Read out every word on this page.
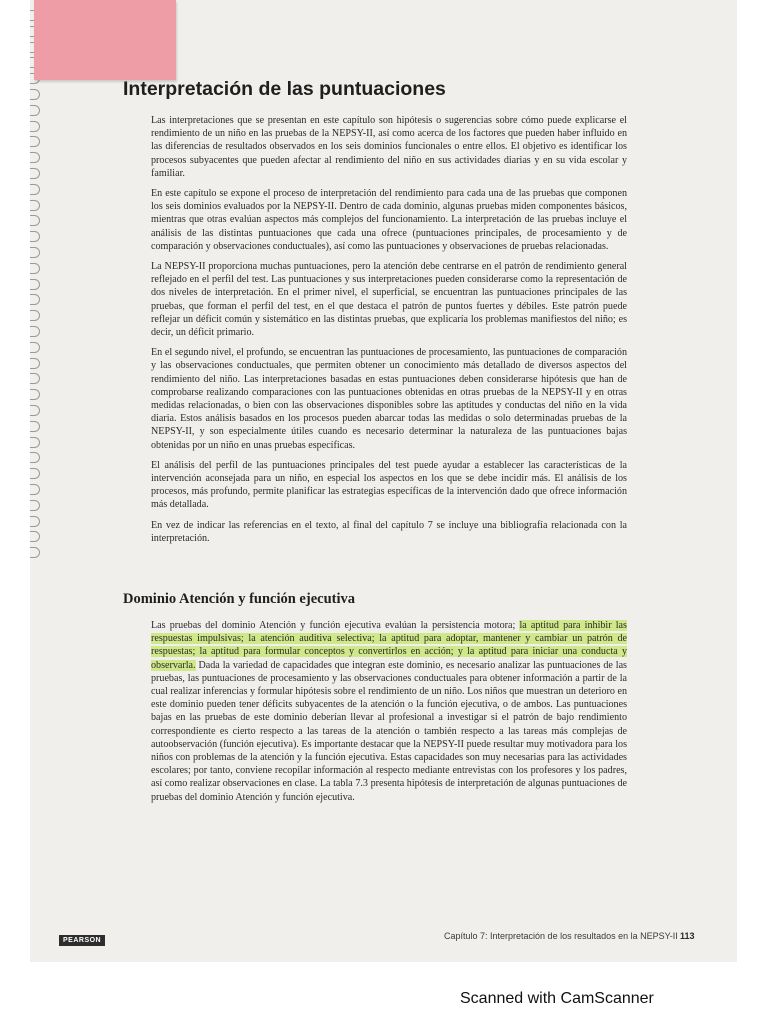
Interpretación de las puntuaciones

Las interpretaciones que se presentan en este capítulo son hipótesis o sugerencias sobre cómo puede explicarse el rendimiento de un niño en las pruebas de la NEPSY-II, así como acerca de los factores que pueden haber influido en las diferencias de resultados observados en los seis dominios funcionales o entre ellos. El objetivo es identificar los procesos subyacentes que pueden afectar al rendimiento del niño en sus actividades diarias y en su vida escolar y familiar.

En este capítulo se expone el proceso de interpretación del rendimiento para cada una de las pruebas que componen los seis dominios evaluados por la NEPSY-II. Dentro de cada dominio, algunas pruebas miden componentes básicos, mientras que otras evalúan aspectos más complejos del funcionamiento. La interpretación de las pruebas incluye el análisis de las distintas puntuaciones que cada una ofrece (puntuaciones principales, de procesamiento y de comparación y observaciones conductuales), así como las puntuaciones y observaciones de pruebas relacionadas.

La NEPSY-II proporciona muchas puntuaciones, pero la atención debe centrarse en el patrón de rendimiento general reflejado en el perfil del test. Las puntuaciones y sus interpretaciones pueden considerarse como la representación de dos niveles de interpretación. En el primer nivel, el superficial, se encuentran las puntuaciones principales de las pruebas, que forman el perfil del test, en el que destaca el patrón de puntos fuertes y débiles. Este patrón puede reflejar un déficit común y sistemático en las distintas pruebas, que explicaría los problemas manifiestos del niño; es decir, un déficit primario.

En el segundo nivel, el profundo, se encuentran las puntuaciones de procesamiento, las puntuaciones de comparación y las observaciones conductuales, que permiten obtener un conocimiento más detallado de diversos aspectos del rendimiento del niño. Las interpretaciones basadas en estas puntuaciones deben considerarse hipótesis que han de comprobarse realizando comparaciones con las puntuaciones obtenidas en otras pruebas de la NEPSY-II y en otras medidas relacionadas, o bien con las observaciones disponibles sobre las aptitudes y conductas del niño en la vida diaria. Estos análisis basados en los procesos pueden abarcar todas las medidas o solo determinadas pruebas de la NEPSY-II, y son especialmente útiles cuando es necesario determinar la naturaleza de las puntuaciones bajas obtenidas por un niño en unas pruebas específicas.

El análisis del perfil de las puntuaciones principales del test puede ayudar a establecer las características de la intervención aconsejada para un niño, en especial los aspectos en los que se debe incidir más. El análisis de los procesos, más profundo, permite planificar las estrategias específicas de la intervención dado que ofrece información más detallada.

En vez de indicar las referencias en el texto, al final del capítulo 7 se incluye una bibliografía relacionada con la interpretación.

Dominio Atención y función ejecutiva

Las pruebas del dominio Atención y función ejecutiva evalúan la persistencia motora; la aptitud para inhibir las respuestas impulsivas; la atención auditiva selectiva; la aptitud para adoptar, mantener y cambiar un patrón de respuestas; la aptitud para formular conceptos y convertirlos en acción; y la aptitud para iniciar una conducta y observarla. Dada la variedad de capacidades que integran este dominio, es necesario analizar las puntuaciones de las pruebas, las puntuaciones de procesamiento y las observaciones conductuales para obtener información a partir de la cual realizar inferencias y formular hipótesis sobre el rendimiento de un niño. Los niños que muestran un deterioro en este dominio pueden tener déficits subyacentes de la atención o la función ejecutiva, o de ambos. Las puntuaciones bajas en las pruebas de este dominio deberían llevar al profesional a investigar si el patrón de bajo rendimiento correspondiente es cierto respecto a las tareas de la atención o también respecto a las tareas más complejas de autoobservación (función ejecutiva). Es importante destacar que la NEPSY-II puede resultar muy motivadora para los niños con problemas de la atención y la función ejecutiva. Estas capacidades son muy necesarias para las actividades escolares; por tanto, conviene recopilar información al respecto mediante entrevistas con los profesores y los padres, así como realizar observaciones en clase. La tabla 7.3 presenta hipótesis de interpretación de algunas puntuaciones de pruebas del dominio Atención y función ejecutiva.

PEARSON	Capítulo 7: Interpretación de los resultados en la NEPSY-II 113
Scanned with CamScanner
